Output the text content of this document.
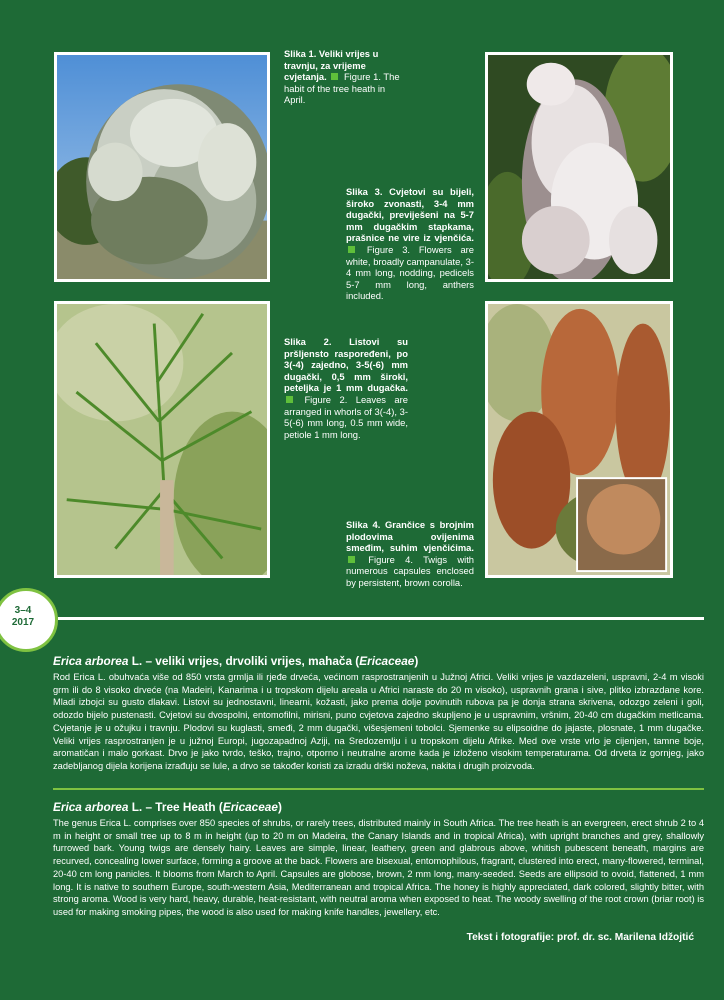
Slika 1. Veliki vrijes u travnju, za vrijeme cvjetanja. Figure 1. The habit of the tree heath in April.
Slika 3. Cvjetovi su bijeli, široko zvonasti, 3-4 mm dugački, previješeni na 5-7 mm dugačkim stapkama, prašnice ne vire iz vjenčića.  Figure 3. Flowers are white, broadly campanulate, 3-4 mm long, nodding, pedicels 5-7 mm long, anthers included.
Slika 2. Listovi su pršljensto raspoređeni, po 3(-4) zajedno, 3-5(-6) mm dugački, 0,5 mm široki, peteljka je 1 mm dugačka.  Figure 2. Leaves are arranged in whorls of 3(-4), 3-5(-6) mm long, 0.5 mm wide, petiole 1 mm long.
Slika 4. Grančice s brojnim plodovima ovijenima smeđim, suhim vjenčićima.  Figure 4. Twigs with numerous capsules enclosed by persistent, brown corolla.
3–4
2017
Erica arborea L. – veliki vrijes, drvoliki vrijes, mahača (Ericaceae)

Rod Erica L. obuhvaća više od 850 vrsta grmlja ili rjeđe drveća, većinom rasprostranjenih u Južnoj Africi. Veliki vrijes je vazdazeleni, uspravni, 2-4 m visoki grm ili do 8 visoko drveće (na Madeiri, Kanarima i u tropskom dijelu areala u Africi naraste do 20 m visoko), uspravnih grana i sive, plitko izbrazdane kore. Mladi izbojci su gusto dlakavi. Listovi su jednostavni, linearni, kožasti, jako prema dolje povinutih rubova pa je donja strana skrivena, odozgo zeleni i goli, odozdo bijelo pustenasti. Cvjetovi su dvospolni, entomofilni, mirisni, puno cvjetova zajedno skupljeno je u uspravnim, vršnim, 20-40 cm dugačkim metlicama. Cvjetanje je u ožujku i travnju. Plodovi su kuglasti, smeđi, 2 mm dugački, višesjemeni tobolci. Sjemenke su elipsoidne do jajaste, plosnate, 1 mm dugačke. Veliki vrijes rasprostranjen je u južnoj Europi, jugozapadnoj Aziji, na Sredozemlju i u tropskom dijelu Afrike. Med ove vrste vrlo je cijenjen, tamne boje, aromatičan i malo gorkast. Drvo je jako tvrdo, teško, trajno, otporno i neutralne arome kada je izloženo visokim temperaturama. Od drveta iz gornjeg, jako zadebljanog dijela korijena izrađuju se lule, a drvo se također koristi za izradu drški noževa, nakita i drugih proizvoda.

Erica arborea L. – Tree Heath (Ericaceae)

The genus Erica L. comprises over 850 species of shrubs, or rarely trees, distributed mainly in South Africa. The tree heath is an evergreen, erect shrub 2 to 4 m in height or small tree up to 8 m in height (up to 20 m on Madeira, the Canary Islands and in tropical Africa), with upright branches and grey, shallowly furrowed bark. Young twigs are densely hairy. Leaves are simple, linear, leathery, green and glabrous above, whitish pubescent beneath, margins are recurved, concealing lower surface, forming a groove at the back. Flowers are bisexual, entomophilous, fragrant, clustered into erect, many-flowered, terminal, 20-40 cm long panicles. It blooms from March to April. Capsules are globose, brown, 2 mm long, many-seeded. Seeds are ellipsoid to ovoid, flattened, 1 mm long. It is native to southern Europe, south-western Asia, Mediterranean and tropical Africa. The honey is highly appreciated, dark colored, slightly bitter, with strong aroma. Wood is very hard, heavy, durable, heat-resistant, with neutral aroma when exposed to heat. The woody swelling of the root crown (briar root) is used for making smoking pipes, the wood is also used for making knife handles, jewellery, etc.

Tekst i fotografije: prof. dr. sc. Marilena Idžojtić
